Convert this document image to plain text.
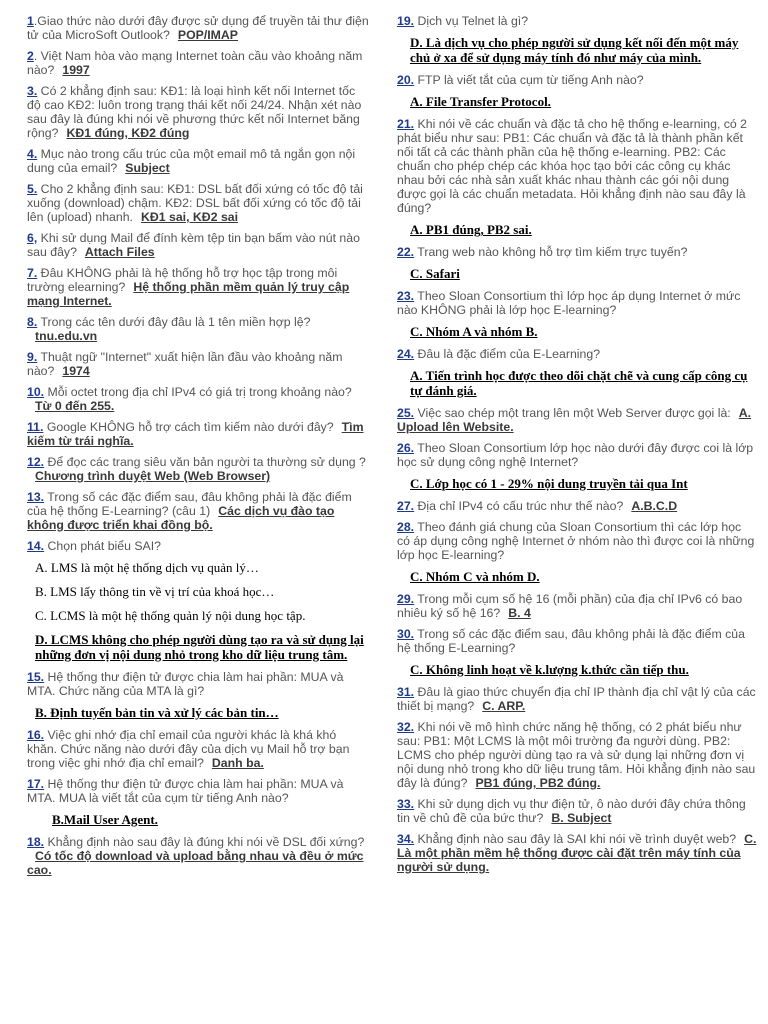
1.Giao thức nào dưới đây được sử dụng để truyền tải thư điện tử của MicroSoft Outlook? POP/IMAP

2. Việt Nam hòa vào mạng Internet toàn cầu vào khoảng năm nào? 1997

3. Có 2 khẳng định sau: KĐ1: là loại hình kết nối Internet tốc độ cao KĐ2: luôn trong trạng thái kết nối 24/24. Nhận xét nào sau đây là đúng khi nói về phương thức kết nối Internet băng rộng? KĐ1 đúng, KĐ2 đúng

4. Mục nào trong cấu trúc của một email mô tả ngắn gọn nội dung của email? Subject

5. Cho 2 khẳng định sau: KĐ1: DSL bất đối xứng có tốc độ tải xuống (download) chậm. KĐ2: DSL bất đối xứng có tốc độ tải lên (upload) nhanh. KĐ1 sai, KĐ2 sai

6, Khi sử dụng Mail để đính kèm tệp tin bạn bấm vào nút nào sau đây? Attach Files

7. Đâu KHÔNG phải là hệ thống hỗ trợ học tập trong môi trường elearning? Hệ thống phần mềm quản lý truy cập mạng Internet.

8. Trong các tên dưới đây đâu là 1 tên miền hợp lệ?tnu.edu.vn

9. Thuật ngữ "Internet" xuất hiện lần đầu vào khoảng năm nào? 1974

10. Mỗi octet trong địa chỉ IPv4 có giá trị trong khoảng nào?Từ 0 đến 255.

11. Google KHÔNG hỗ trợ cách tìm kiếm nào dưới đây? Tìm kiếm từ trái nghĩa.

12. Để đọc các trang siêu văn bản người ta thường sử dụng ?Chương trình duyệt Web (Web Browser)

13. Trong số các đặc điểm sau, đâu không phải là đặc điểm của hệ thống E-Learning? (câu 1) Các dịch vụ đào tạo không được triển khai đồng bộ.

14. Chọn phát biểu SAI?

A. LMS là một hệ thống dịch vụ quản lý…
B. LMS lấy thông tin về vị trí của khoá học…
C. LCMS là một hệ thống quản lý nội dung học tập.
D. LCMS không cho phép người dùng tạo ra và sử dụng lại những đơn vị nội dung nhỏ trong kho dữ liệu trung tâm.

15. Hệ thống thư điện tử được chia làm hai phần: MUA và MTA. Chức năng của MTA là gì?

B. Định tuyến bản tin và xử lý các bản tin…

16. Việc ghi nhớ địa chỉ email của người khác là khá khó khăn. Chức năng nào dưới đây của dịch vụ Mail hỗ trợ bạn trong việc ghi nhớ địa chỉ email? Danh ba.

17. Hệ thống thư điện tử được chia làm hai phần: MUA và MTA. MUA là viết tắt của cụm từ tiếng Anh nào?

B.Mail User Agent.

18. Khẳng định nào sau đây là đúng khi nói về DSL đối xứng?Có tốc độ download và upload bằng nhau và đều ở mức cao.

19. Dịch vụ Telnet là gì?

D. Là dịch vụ cho phép người sử dụng kết nối đến một máy chủ ở xa để sử dụng máy tính đó như máy của mình.

20. FTP là viết tắt của cụm từ tiếng Anh nào?

A. File Transfer Protocol.

21. Khi nói về các chuẩn và đặc tả cho hệ thống e-learning, có 2 phát biểu như sau: PB1: Các chuẩn và đặc tả là thành phần kết nối tất cả các thành phần của hệ thống e-learning. PB2: Các chuẩn cho phép chép các khóa học tạo bởi các công cụ khác nhau bởi các nhà sản xuất khác nhau thành các gói nội dung được gọi là các chuẩn metadata. Hỏi khẳng định nào sau đây là đúng?

A. PB1 đúng, PB2 sai.

22. Trang web nào không hỗ trợ tìm kiếm trực tuyến?

C. Safari

23. Theo Sloan Consortium thì lớp học áp dụng Internet ở mức nào KHÔNG phải là lớp học E-learning?

C. Nhóm A và nhóm B.

24. Đâu là đặc điểm của E-Learning?

A. Tiến trình học được theo dõi chặt chẽ và cung cấp công cụ tự đánh giá.

25. Việc sao chép một trang lên một Web Server được gọi là: A. Upload lên Website.

26. Theo Sloan Consortium lớp học nào dưới đây được coi là lớp học sử dụng công nghệ Internet?

C. Lớp học có 1 - 29% nội dung truyền tải qua Int

27. Địa chỉ IPv4 có cấu trúc như thế nào? A.B.C.D

28. Theo đánh giá chung của Sloan Consortium thì các lớp học có áp dụng công nghệ Internet ở nhóm nào thì được coi là những lớp học E-learning?

C. Nhóm C và nhóm D.

29. Trong mỗi cụm số hệ 16 (mỗi phần) của địa chỉ IPv6 có bao nhiêu ký số hệ 16? B. 4

30. Trong số các đặc điểm sau, đâu không phải là đặc điểm của hệ thống E-Learning?

C. Không linh hoạt về k.lượng k.thức cần tiếp thu.

31. Đâu là giao thức chuyển địa chỉ IP thành địa chỉ vật lý của các thiết bị mạng? C. ARP.

32. Khi nói về mô hình chức năng hệ thống, có 2 phát biểu như sau: PB1: Một LCMS là một môi trường đa người dùng. PB2: LCMS cho phép người dùng tạo ra và sử dụng lại những đơn vị nội dung nhỏ trong kho dữ liệu trung tâm. Hỏi khẳng định nào sau đây là đúng? PB1 đúng, PB2 đúng.

33. Khi sử dụng dịch vụ thư điện tử, ô nào dưới đây chứa thông tin về chủ đề của bức thư? B. Subject

34. Khẳng định nào sau đây là SAI khi nói về trình duyệt web? C. Là một phần mềm hệ thống được cài đặt trên máy tính của người sử dụng.
